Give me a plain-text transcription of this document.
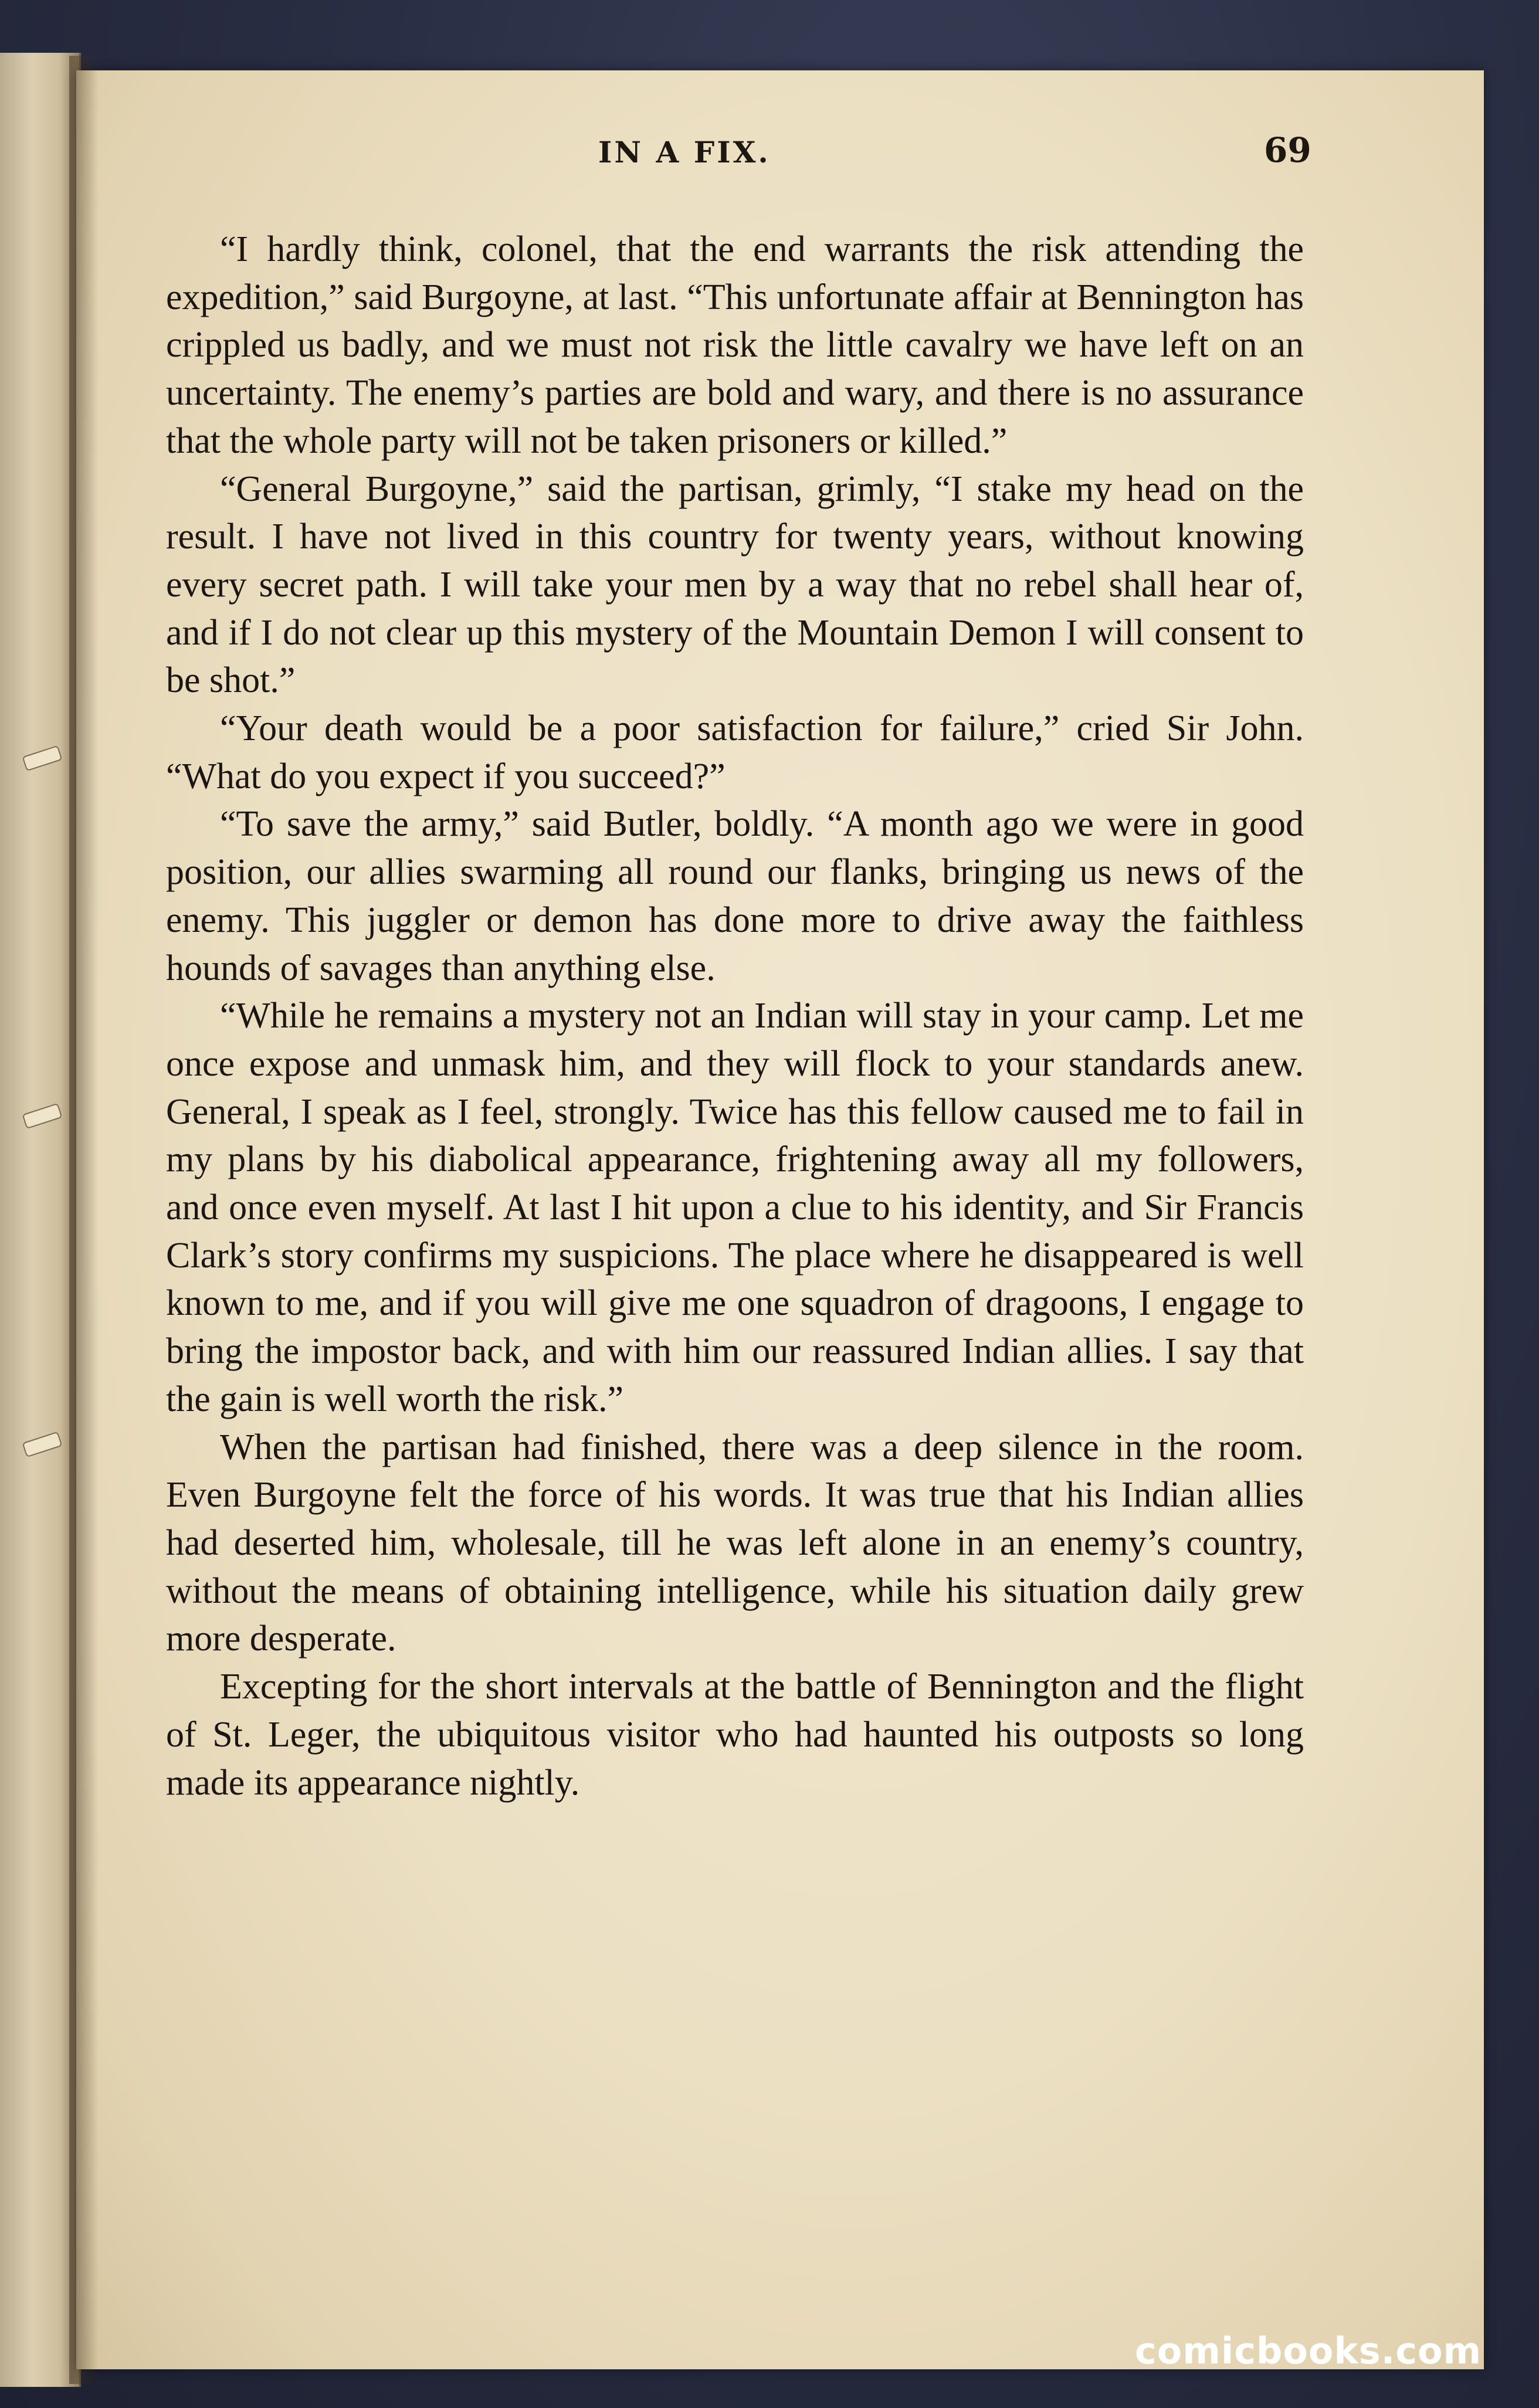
IN A FIX.	69

“I hardly think, colonel, that the end warrants the risk attending the expedition,” said Burgoyne, at last. “This unfortunate affair at Bennington has crippled us badly, and we must not risk the little cavalry we have left on an uncertainty. The enemy’s parties are bold and wary, and there is no assurance that the whole party will not be taken prisoners or killed.”

“General Burgoyne,” said the partisan, grimly, “I stake my head on the result. I have not lived in this country for twenty years, without knowing every secret path. I will take your men by a way that no rebel shall hear of, and if I do not clear up this mystery of the Mountain Demon I will consent to be shot.”

“Your death would be a poor satisfaction for failure,” cried Sir John. “What do you expect if you succeed?”

“To save the army,” said Butler, boldly. “A month ago we were in good position, our allies swarming all round our flanks, bringing us news of the enemy. This juggler or demon has done more to drive away the faithless hounds of savages than anything else.

“While he remains a mystery not an Indian will stay in your camp. Let me once expose and unmask him, and they will flock to your standards anew. General, I speak as I feel, strongly. Twice has this fellow caused me to fail in my plans by his diabolical appearance, frightening away all my followers, and once even myself. At last I hit upon a clue to his identity, and Sir Francis Clark’s story confirms my suspicions. The place where he disappeared is well known to me, and if you will give me one squadron of dragoons, I engage to bring the impostor back, and with him our reassured Indian allies. I say that the gain is well worth the risk.”

When the partisan had finished, there was a deep silence in the room. Even Burgoyne felt the force of his words. It was true that his Indian allies had deserted him, wholesale, till he was left alone in an enemy’s country, without the means of obtaining intelligence, while his situation daily grew more desperate.

Excepting for the short intervals at the battle of Bennington and the flight of St. Leger, the ubiquitous visitor who had haunted his outposts so long made its appearance nightly.

comicbooks.com
